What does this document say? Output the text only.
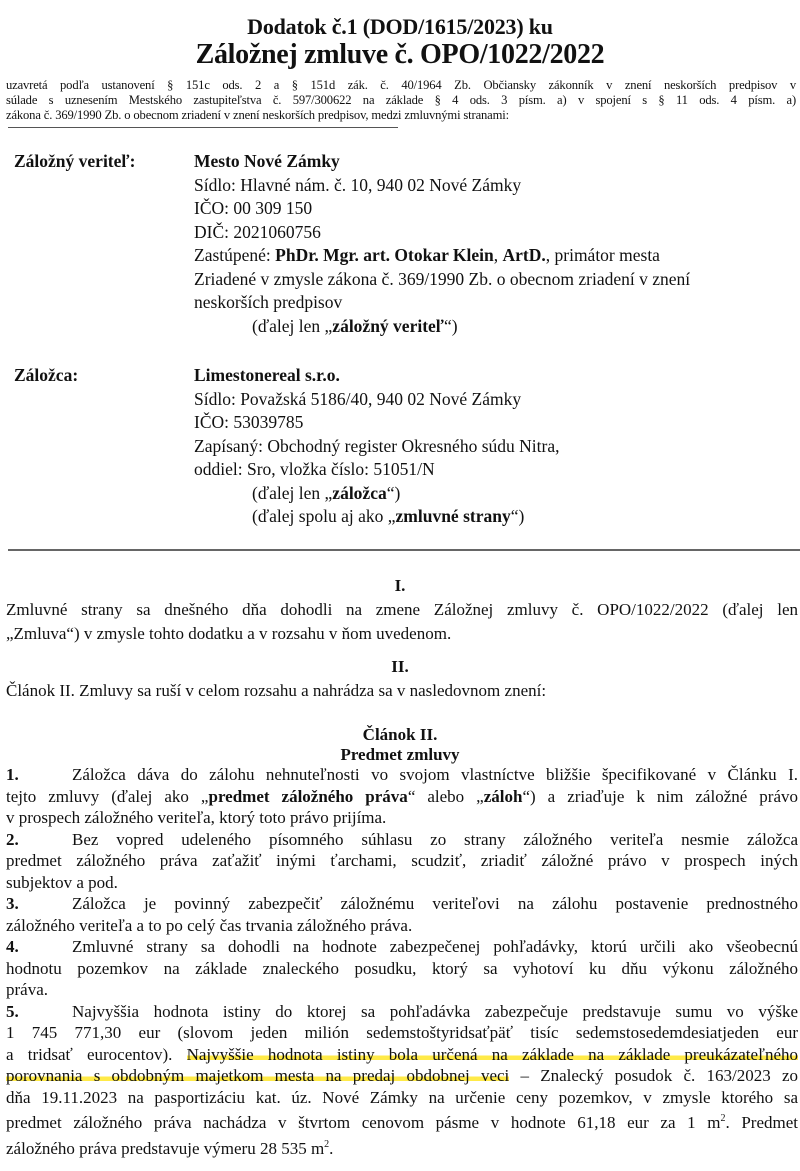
Dodatok č.1 (DOD/1615/2023) ku
Záložnej zmluve č. OPO/1022/2022
uzavretá podľa ustanovení § 151c ods. 2 a § 151d zák. č. 40/1964 Zb. Občiansky zákonník v znení neskorších predpisov v
súlade s uznesením Mestského zastupiteľstva č. 597/300622 na základe § 4 ods. 3 písm. a) v spojení s § 11 ods. 4 písm. a)
zákona č. 369/1990 Zb. o obecnom zriadení v znení neskorších predpisov, medzi zmluvnými stranami:
Záložný veriteľ:	Mesto Nové Zámky
Sídlo: Hlavné nám. č. 10, 940 02 Nové Zámky
IČO: 00 309 150
DIČ: 2021060756
Zastúpené: PhDr. Mgr. art. Otokar Klein, ArtD., primátor mesta
Zriadené v zmysle zákona č. 369/1990 Zb. o obecnom zriadení v znení
neskorších predpisov
(ďalej len „záložný veriteľ“)
Záložca:	Limestonereal s.r.o.
Sídlo: Považská 5186/40, 940 02 Nové Zámky
IČO: 53039785
Zapísaný: Obchodný register Okresného súdu Nitra,
oddiel: Sro, vložka číslo: 51051/N
(ďalej len „záložca“)
(ďalej spolu aj ako „zmluvné strany“)
I.
Zmluvné strany sa dnešného dňa dohodli na zmene Záložnej zmluvy č. OPO/1022/2022 (ďalej len
„Zmluva“) v zmysle tohto dodatku a v rozsahu v ňom uvedenom.
II.
Článok II. Zmluvy sa ruší v celom rozsahu a nahrádza sa v nasledovnom znení:
Článok II.
Predmet zmluvy
1.	Záložca dáva do zálohu nehnuteľnosti vo svojom vlastníctve bližšie špecifikované v Článku I.
tejto zmluvy (ďalej ako „predmet záložného práva“ alebo „záloh“) a zriaďuje k nim záložné právo
v prospech záložného veriteľa, ktorý toto právo prijíma.
2.	Bez vopred udeleného písomného súhlasu zo strany záložného veriteľa nesmie záložca
predmet záložného práva zaťažiť inými ťarchami, scudziť, zriadiť záložné právo v prospech iných
subjektov a pod.
3.	Záložca je povinný zabezpečiť záložnému veriteľovi na zálohu postavenie prednostného
záložného veriteľa a to po celý čas trvania záložného práva.
4.	Zmluvné strany sa dohodli na hodnote zabezpečenej pohľadávky, ktorú určili ako všeobecnú
hodnotu pozemkov na základe znaleckého posudku, ktorý sa vyhotoví ku dňu výkonu záložného
práva.
5.	Najvyššia hodnota istiny do ktorej sa pohľadávka zabezpečuje predstavuje sumu vo výške
1 745 771,30 eur (slovom jeden milión sedemstoštyridsaťpäť tisíc sedemstosedemdesiatjeden eur
a tridsať eurocentov). Najvyššie hodnota istiny bola určená na základe na základe preukázateľného
porovnania s obdobným majetkom mesta na predaj obdobnej veci – Znalecký posudok č. 163/2023 zo
dňa 19.11.2023 na pasportizáciu kat. úz. Nové Zámky na určenie ceny pozemkov, v zmysle ktorého sa
predmet záložného práva nachádza v štvrtom cenovom pásme v hodnote 61,18 eur za 1 $m^2$. Predmet
záložného práva predstavuje výmeru 28 535 $m^2$.
